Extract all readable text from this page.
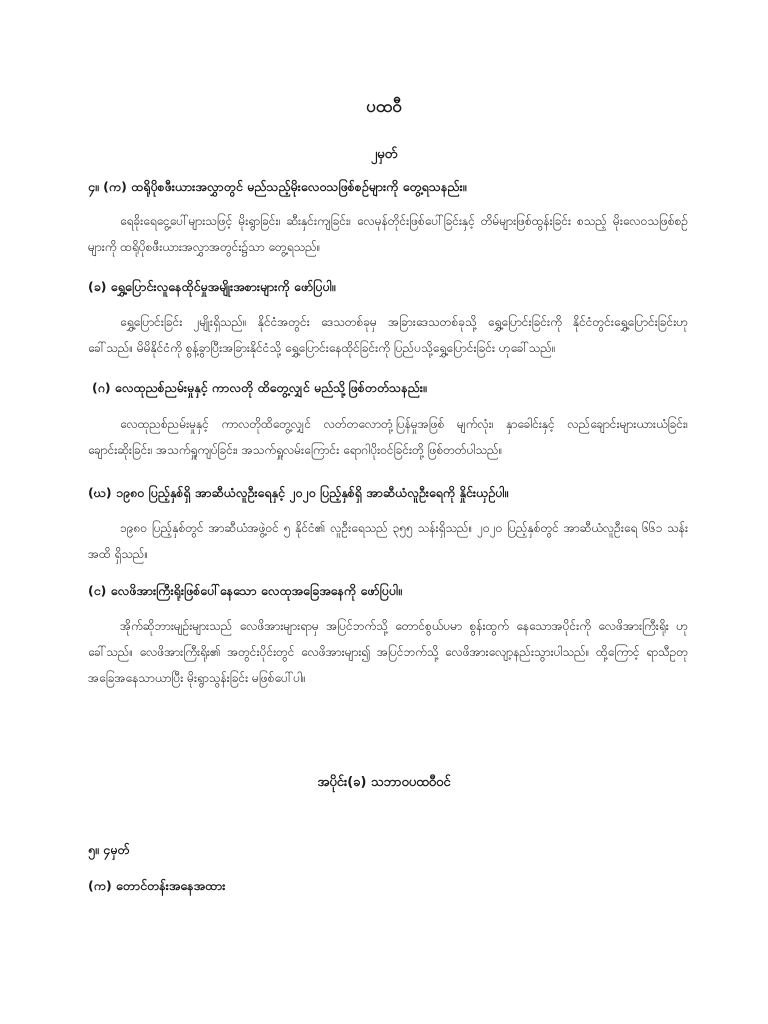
ပထဝီ
၂မှတ်
၄။ (က) ထရိုပိုစဖီးယားအလွှာတွင် မည်သည့်မိုးလေဝသဖြစ်စဉ်များကို တွေ့ရသနည်း။
ရေခိုးရေငွေ့ပေါ်များသဖြင့် မိုးရွာခြင်း၊ ဆီးနှင်းကျခြင်း၊ လေမုန်တိုင်းဖြစ်ပေါ်ခြင်းနှင့် တိမ်များဖြစ်ထွန်းခြင်း စသည့် မိုးလေဝသဖြစ်စဉ်များကို ထရိုပိုစဖီးယားအလွှာအတွင်း၌သာ တွေ့ရသည်။
(ခ) ရွှေ့ပြောင်းလူနေထိုင်မှုအမျိုးအစားများကို ဖော်ပြပါ။
ရွှေ့ပြောင်းခြင်း ၂မျိုးရှိသည်။ နိုင်ငံအတွင်း ဒေသတစ်ခုမှ အခြားဒေသတစ်ခုသို့ ရွှေ့ပြောင်းခြင်းကို နိုင်ငံတွင်းရွှေ့ပြောင်းခြင်းဟု ခေါ်သည်။ မိမိနိုင်ငံကို စွန့်ခွာပြီးအခြားနိုင်ငံသို့ ရွှေ့ပြောင်းနေထိုင်ခြင်းကို ပြည်ပသို့ရွှေ့ပြောင်းခြင်း ဟုခေါ်သည်။
(ဂ) လေထုညစ်ညမ်းမှုနှင့် ကာလတို ထိတွေ့လျှင် မည်သို့ဖြစ်တတ်သနည်း။
လေထုညစ်ညမ်းမှုနှင့် ကာလတိုထိတွေ့လျှင် လတ်တလောတုံ့ပြန်မှုအဖြစ် မျက်လုံး၊ နှာခေါင်းနှင့် လည်ချောင်းများယားယံခြင်း၊ ချောင်းဆိုးခြင်း၊ အသက်ရှူကျပ်ခြင်း၊ အသက်ရှူလမ်းကြောင်း ရောဂါပိုးဝင်ခြင်းတို့ ဖြစ်တတ်ပါသည်။
(ဃ) ၁၉၈၀ ပြည့်နှစ်ရှိ အာဆီယံလူဦးရေနှင့် ၂၀၂၀ ပြည့်နှစ်ရှိ အာဆီယံလူဦးရေကို နှိုင်းယှဉ်ပါ။
၁၉၈၀ ပြည့်နှစ်တွင် အာဆီယံအဖွဲ့ဝင် ၅ နိုင်ငံ၏ လူဦးရေသည် ၃၅၅ သန်းရှိသည်။ ၂၀၂၀ ပြည့်နှစ်တွင် အာဆီယံလူဦးရေ ၆၆၁ သန်းအထိ ရှိသည်။
(င) လေဖိအားကြီးရိုးဖြစ်ပေါ်နေသော လေထုအခြေအနေကို ဖော်ပြပါ။
အိုက်ဆိုဘားမျဉ်းများသည် လေဖိအားများရာမှ အပြင်ဘက်သို့ တောင်စွယ်ပမာ စွန်းထွက် နေသောအပိုင်းကို လေဖိအားကြီးရိုး ဟုခေါ်သည်။ လေဖိအားကြီးရိုး၏ အတွင်းပိုင်းတွင် လေဖိအားများ၍ အပြင်ဘက်သို့ လေဖိအားလျော့နည်းသွားပါသည်။ ထို့ကြောင့် ရာသီဥတု အခြေအနေသာယာပြီး မိုးရွာသွန်းခြင်း မဖြစ်ပေါ်ပါ။
အပိုင်း(ခ) သဘာဝပထဝီဝင်
၅။ ၄မှတ်
(က) တောင်တန်းအနေအထား
